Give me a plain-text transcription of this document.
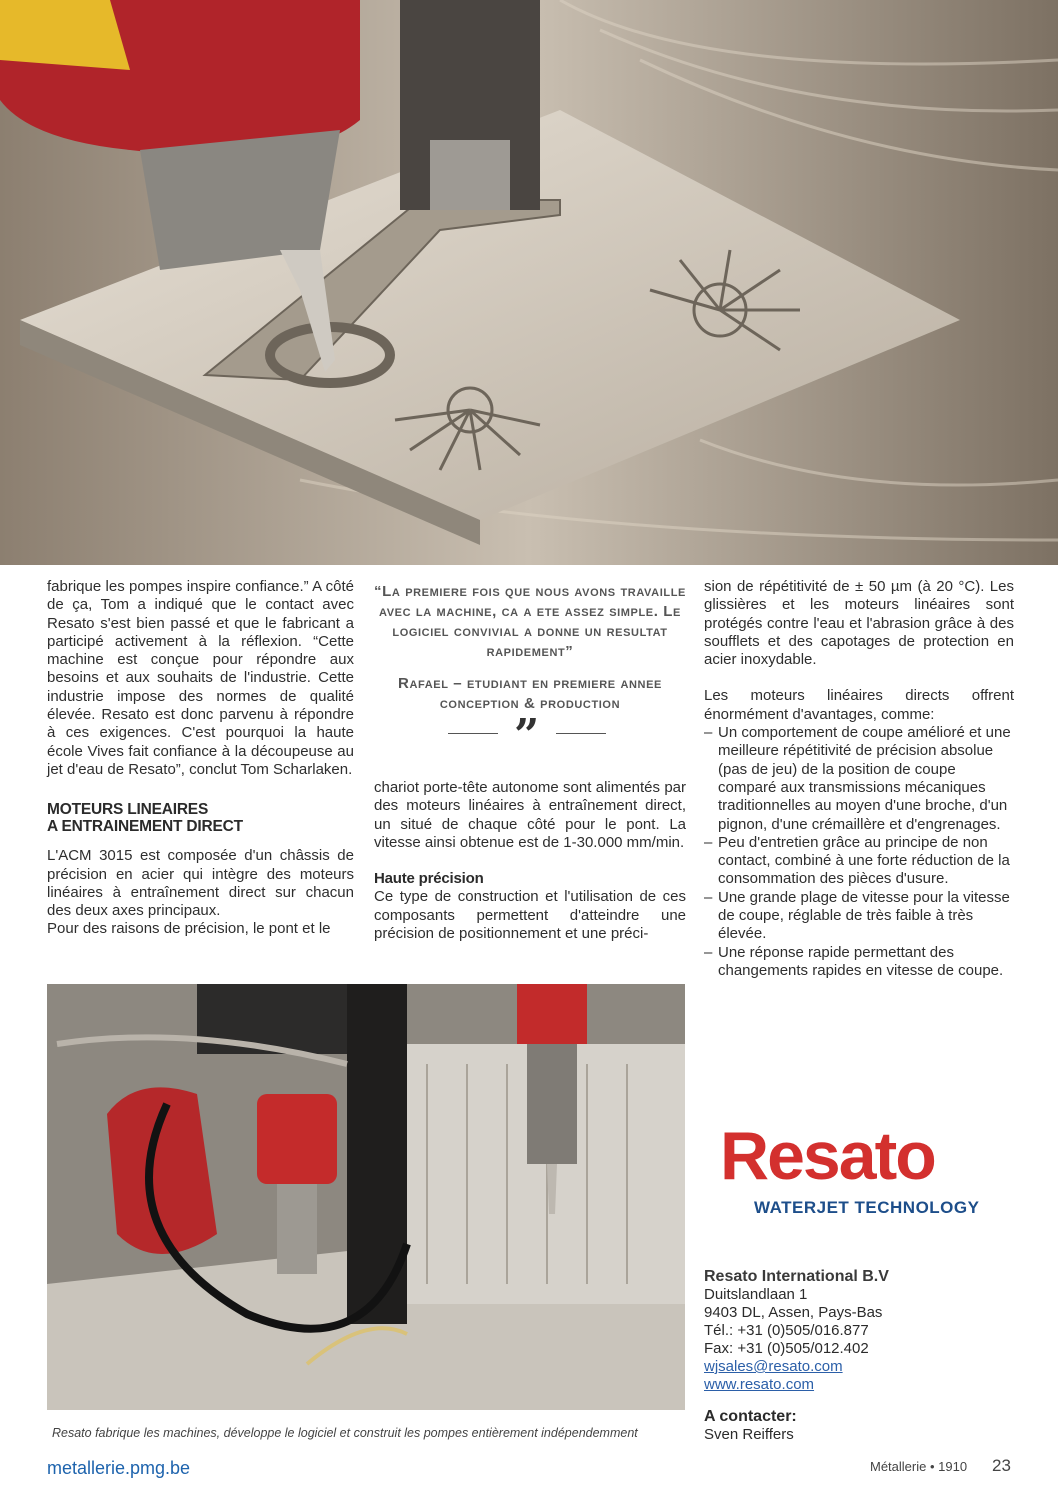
fabrique les pompes inspire confiance.” A côté de ça, Tom a indiqué que le contact avec Resato s'est bien passé et que le fabricant a participé activement à la réflexion. “Cette machine est conçue pour répondre aux besoins et aux souhaits de l'industrie. Cette industrie impose des normes de qualité élevée. Resato est donc parvenu à répondre à ces exigences. C'est pourquoi la haute école Vives fait confiance à la découpeuse au jet d'eau de Resato”, conclut Tom Scharlaken.

MOTEURS LINEAIRES

A ENTRAINEMENT DIRECT

L'ACM 3015 est composée d'un châssis de précision en acier qui intègre des moteurs linéaires à entraînement direct sur chacun des deux axes principaux.

Pour des raisons de précision, le pont et le

“La premiere fois que nous avons travaille avec la machine, ca a ete assez simple. Le logiciel convivial a donne un resultat rapidement”
Rafael – etudiant en premiere annee
conception & production
”

chariot porte-tête autonome sont alimentés par des moteurs linéaires à entraînement direct, un situé de chaque côté pour le pont. La vitesse ainsi obtenue est de 1-30.000 mm/min.

Haute précision

Ce type de construction et l'utilisation de ces composants permettent d'atteindre une précision de positionnement et une préci-

sion de répétitivité de ± 50 µm (à 20 °C). Les glissières et les moteurs linéaires sont protégés contre l'eau et l'abrasion grâce à des soufflets et des capotages de protection en acier inoxydable.

Les moteurs linéaires directs offrent énormément d'avantages, comme:

– Un comportement de coupe amélioré et une meilleure répétitivité de précision absolue (pas de jeu) de la position de coupe comparé aux transmissions mécaniques traditionnelles au moyen d'une broche, d'un pignon, d'une crémaillère et d'engrenages.
– Peu d'entretien grâce au principe de non contact, combiné à une forte réduction de la consommation des pièces d'usure.
– Une grande plage de vitesse pour la vitesse de coupe, réglable de très faible à très élevée.
– Une réponse rapide permettant des changements rapides en vitesse de coupe.
Resato fabrique les machines, développe le logiciel et construit les pompes entièrement indépendemment
Resato
WATERJET TECHNOLOGY
Resato International B.V
Duitslandlaan 1
9403 DL, Assen, Pays-Bas
Tél.: +31 (0)505/016.877
Fax: +31 (0)505/012.402
wjsales@resato.com
www.resato.com
A contacter:
Sven Reiffers
metallerie.pmg.be	Métallerie • 1910 23
